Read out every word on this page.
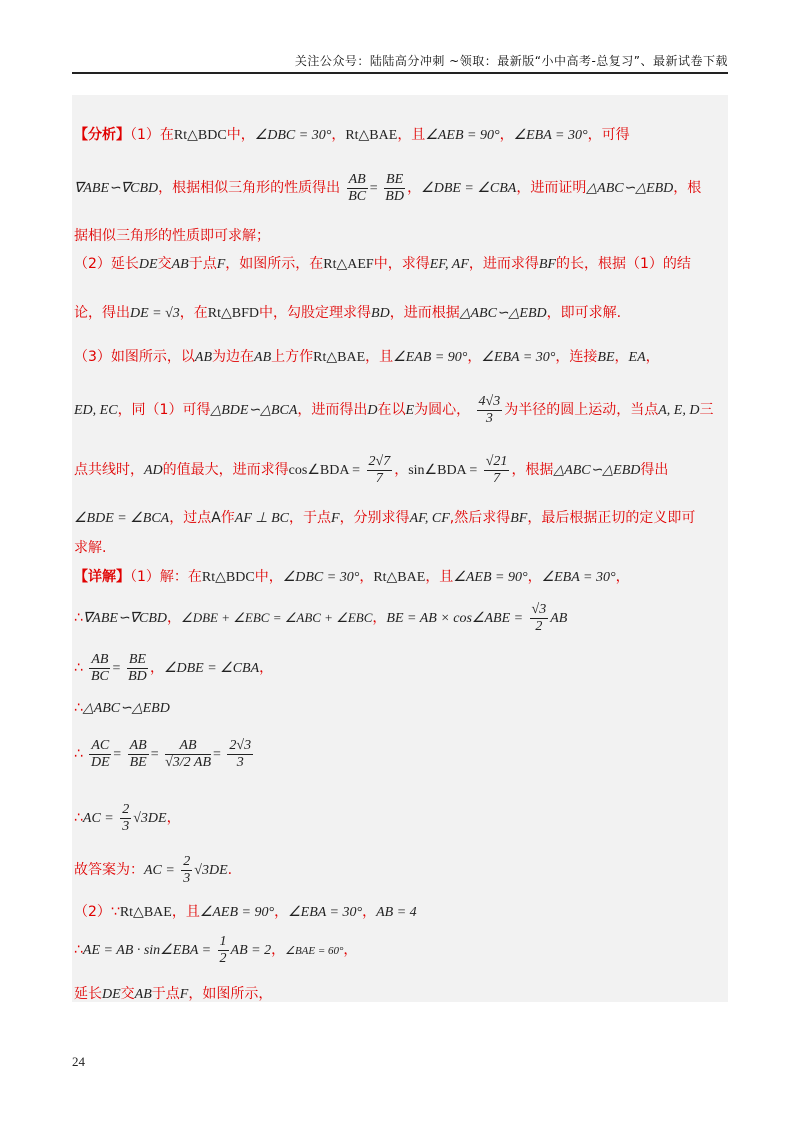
关注公众号：陆陆高分冲刺 ~领取：最新版“小中高考-总复习”、最新试卷下载
【分析】（1）在Rt△BDC中，∠DBC = 30°，Rt△BAE，且∠AEB = 90°，∠EBA = 30°，可得
∇ABE∽∇CBD，根据相似三角形的性质得出 $\frac{AB}{BC} = \frac{BE}{BD}$ ，∠DBE = ∠CBA，进而证明△ABC∽△EBD，根
据相似三角形的性质即可求解；
（2）延长DE交AB于点F，如图所示，在Rt△AEF中，求得EF, AF，进而求得BF的长，根据（1）的结
论，得出DE = √3，在Rt△BFD中，勾股定理求得BD，进而根据△ABC∽△EBD，即可求解.
（3）如图所示，以AB为边在AB上方作Rt△BAE，且∠EAB = 90°，∠EBA = 30°，连接BE，EA，
ED, EC，同（1）可得△BDE∽△BCA，进而得出D在以E为圆心， $\frac{4√3}{3}$ 为半径的圆上运动，当点A, E, D三
点共线时，AD的值最大，进而求得cos∠BDA = $\frac{2√7}{7}$ ，sin∠BDA = $\frac{√21}{7}$ ，根据△ABC∽△EBD得出
∠BDE = ∠BCA，过点A作AF ⊥ BC，于点F，分别求得AF, CF,然后求得BF，最后根据正切的定义即可
求解.
【详解】（1）解：在Rt△BDC中，∠DBC = 30°，Rt△BAE，且∠AEB = 90°，∠EBA = 30°，
∴∇ABE∽∇CBD，∠DBE + ∠EBC = ∠ABC + ∠EBC，BE = AB × cos∠ABE = $\frac{√3}{2}$ AB
∴ $\frac{AB}{BC} = \frac{BE}{BD}$ ，∠DBE = ∠CBA，
∴△ABC∽△EBD
∴ $\frac{AC}{DE} = \frac{AB}{BE} = \frac{AB}{√3/2 AB} = \frac{2√3}{3}$
∴AC = $\frac{2}{3} √3DE$，
故答案为：AC = $\frac{2}{3} √3DE$.
（2）∵Rt△BAE，且∠AEB = 90°，∠EBA = 30°，AB = 4
∴AE = AB · sin∠EBA = $\frac{1}{2}$ AB = 2，∠BAE = 60°，
延长DE交AB于点F，如图所示，
24
